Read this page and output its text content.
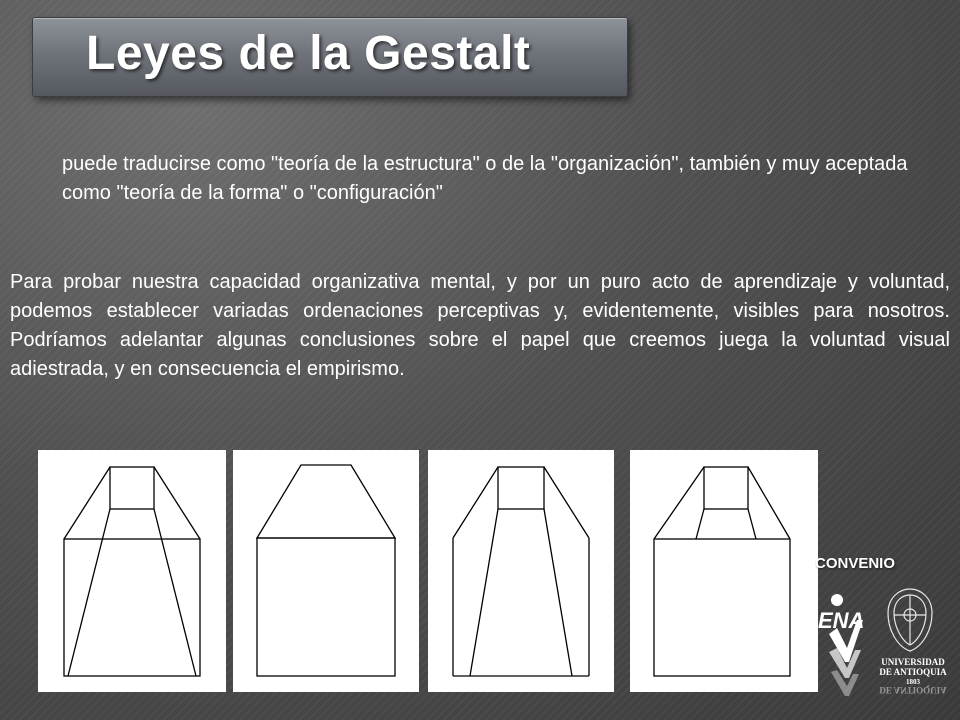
Leyes de la Gestalt
puede traducirse como "teoría de la estructura" o de la "organización", también y muy aceptada como "teoría de la forma" o "configuración"
Para probar nuestra capacidad organizativa mental, y por un puro acto de aprendizaje y voluntad, podemos establecer variadas ordenaciones perceptivas y, evidentemente, visibles para nosotros. Podríamos adelantar algunas conclusiones sobre el papel que creemos juega la voluntad visual adiestrada, y en consecuencia el empirismo.
CONVENIO
ENA
UNIVERSIDAD
DE ANTIOQUIA
1803
DE ANTIOQUIA
